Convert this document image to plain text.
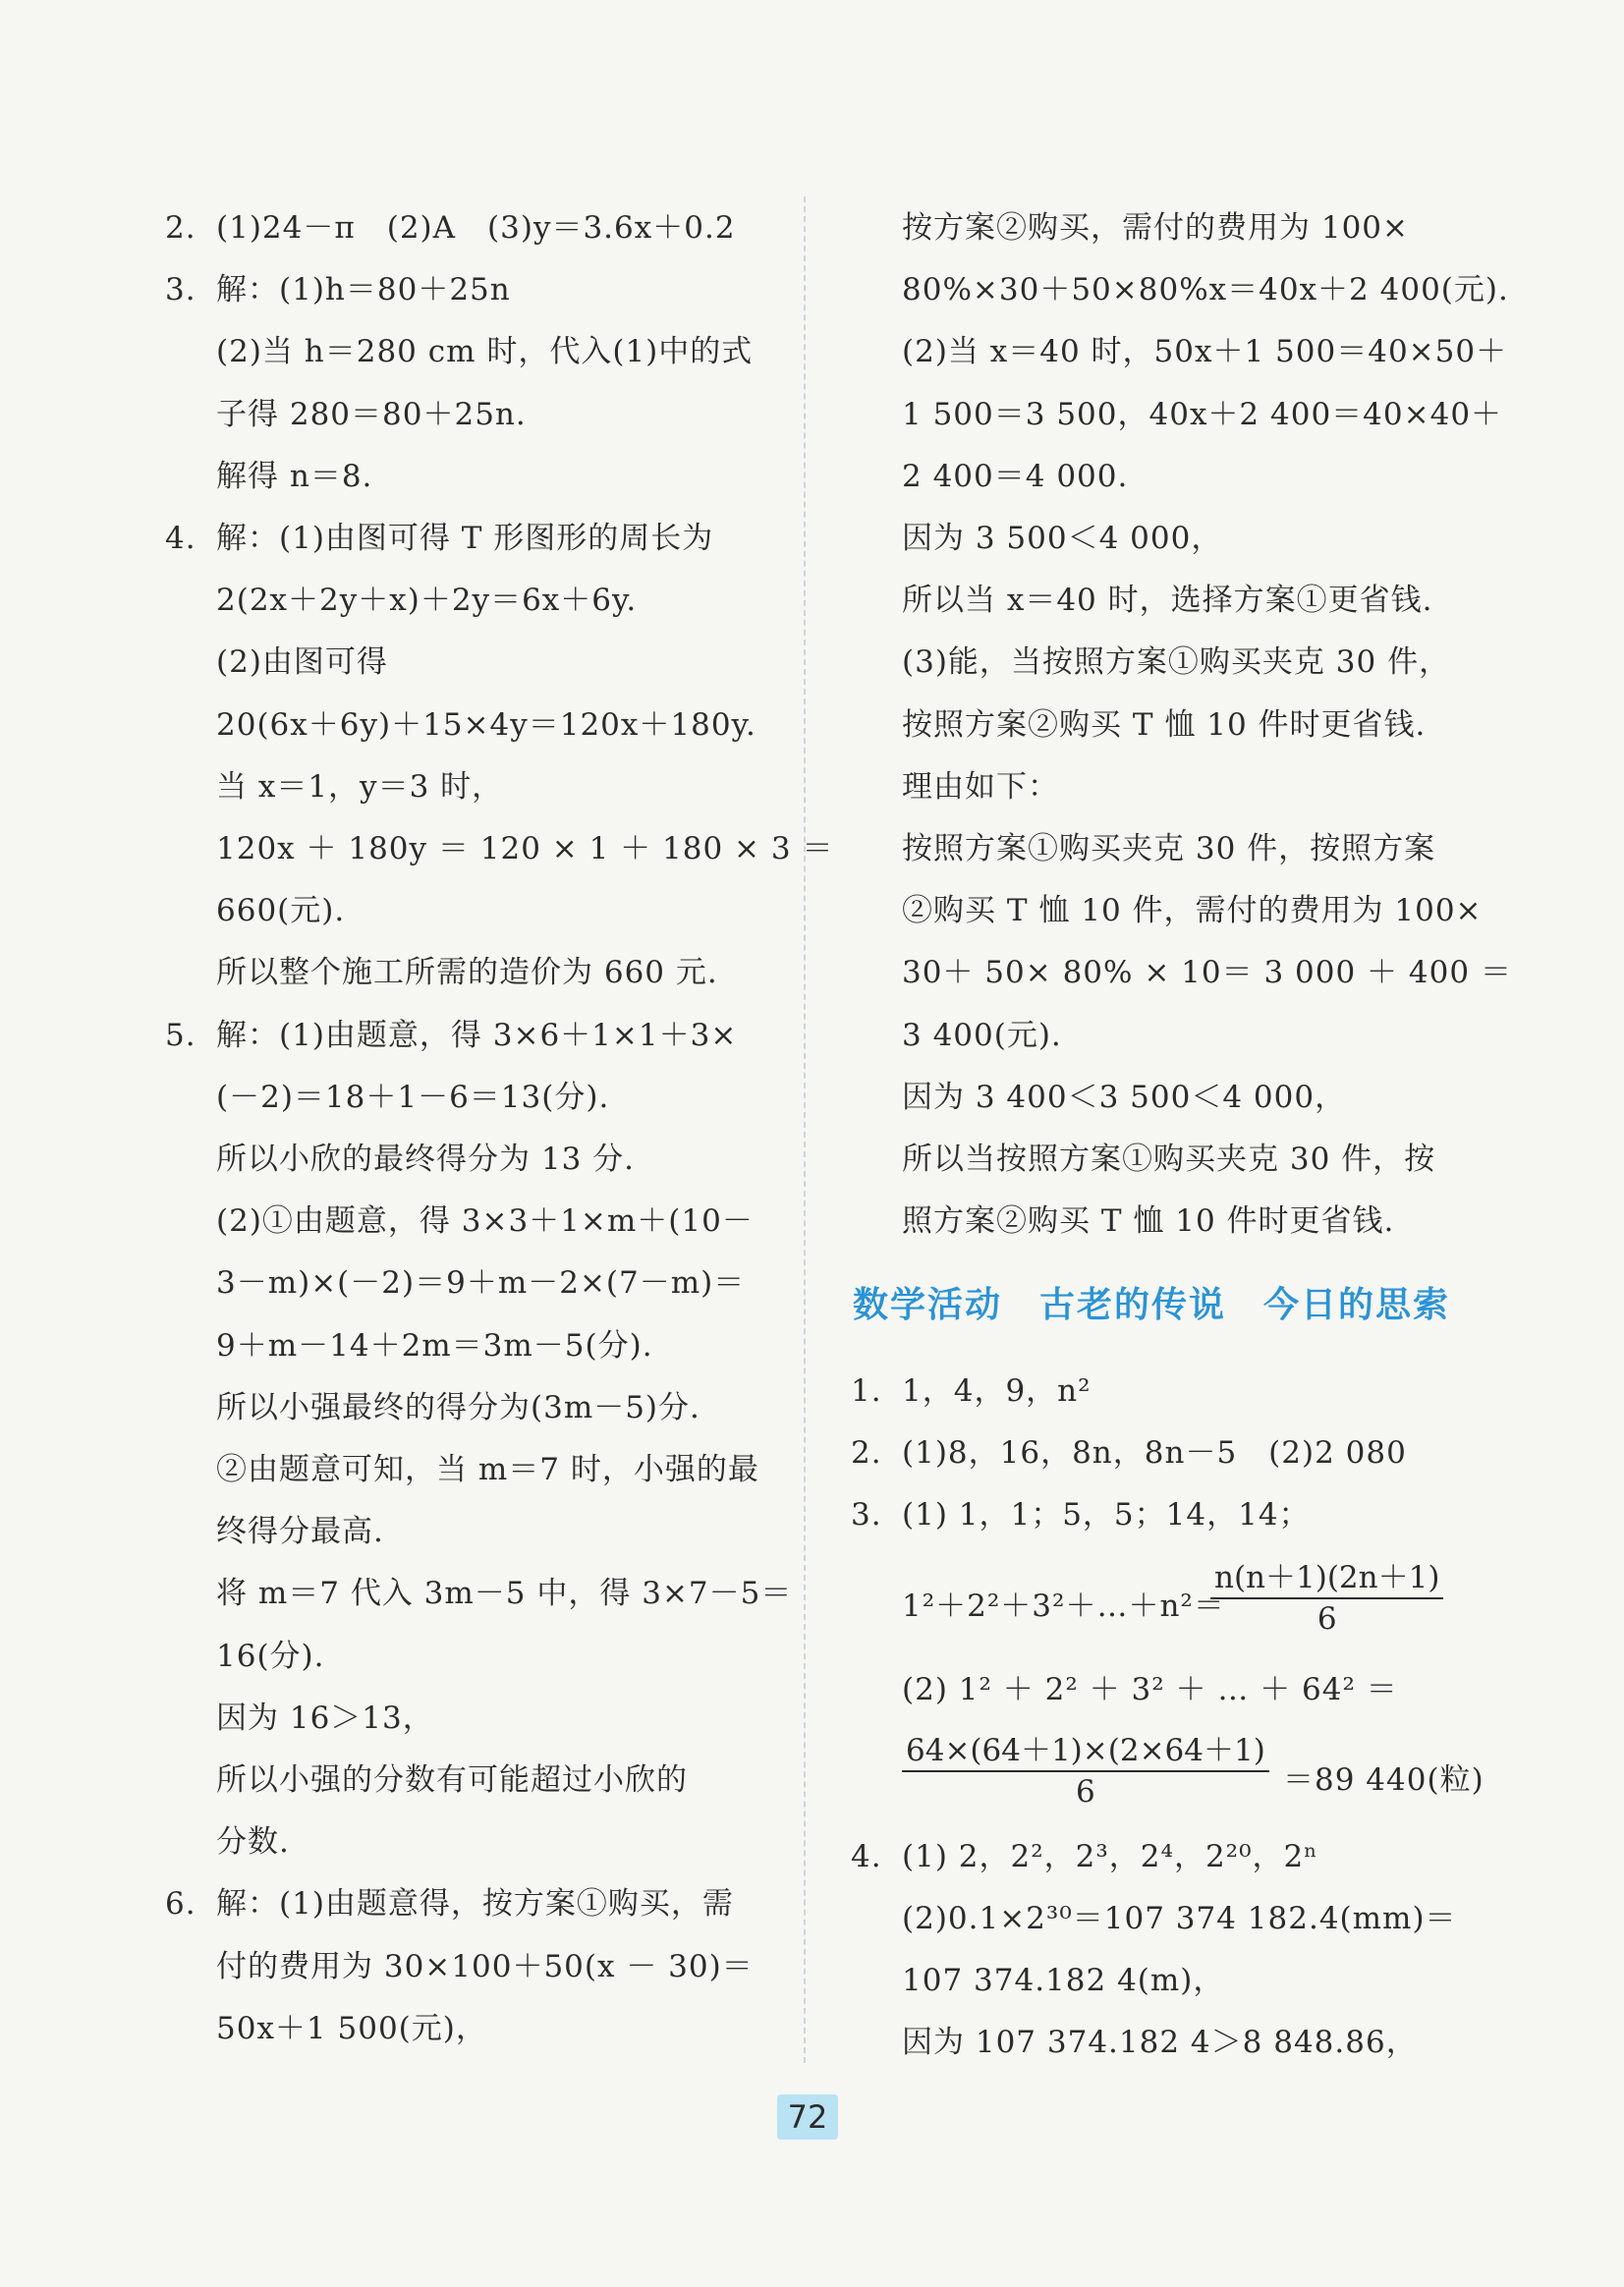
2. (1)24－π　(2)A　(3)y＝3.6x＋0.2
3. 解：(1)h＝80＋25n
(2)当 h＝280 cm 时，代入(1)中的式
子得 280＝80＋25n.
解得 n＝8.
4. 解：(1)由图可得 T 形图形的周长为
2(2x＋2y＋x)＋2y＝6x＋6y.
(2)由图可得
20(6x＋6y)＋15×4y＝120x＋180y.
当 x＝1，y＝3 时，
120x ＋ 180y ＝ 120 × 1 ＋ 180 × 3 ＝
660(元).
所以整个施工所需的造价为 660 元.
5. 解：(1)由题意，得 3×6＋1×1＋3×
(－2)＝18＋1－6＝13(分).
所以小欣的最终得分为 13 分.
(2)①由题意，得 3×3＋1×m＋(10－
3－m)×(－2)＝9＋m－2×(7－m)＝
9＋m－14＋2m＝3m－5(分).
所以小强最终的得分为(3m－5)分.
②由题意可知，当 m＝7 时，小强的最
终得分最高.
将 m＝7 代入 3m－5 中，得 3×7－5＝
16(分).
因为 16＞13，
所以小强的分数有可能超过小欣的
分数.
6. 解：(1)由题意得，按方案①购买，需
付的费用为 30×100＋50(x － 30)＝
50x＋1 500(元)，
按方案②购买，需付的费用为 100×
80%×30＋50×80%x＝40x＋2 400(元).
(2)当 x＝40 时，50x＋1 500＝40×50＋
1 500＝3 500，40x＋2 400＝40×40＋
2 400＝4 000.
因为 3 500＜4 000，
所以当 x＝40 时，选择方案①更省钱.
(3)能，当按照方案①购买夹克 30 件，
按照方案②购买 T 恤 10 件时更省钱.
理由如下：
按照方案①购买夹克 30 件，按照方案
②购买 T 恤 10 件，需付的费用为 100×
30＋ 50× 80% × 10＝ 3 000 ＋ 400 ＝
3 400(元).
因为 3 400＜3 500＜4 000，
所以当按照方案①购买夹克 30 件，按
照方案②购买 T 恤 10 件时更省钱.
数学活动 古老的传说 今日的思索
1. 1，4，9，n²
2. (1)8，16，8n，8n－5　(2)2 080
3. (1) 1，1；5，5；14，14；
1²＋2²＋3²＋…＋n²＝
$\frac{n(n+1)(2n+1)}{6}$
(2) 1² ＋ 2² ＋ 3² ＋ … ＋ 64² ＝
$\frac{64\times(64+1)\times(2\times 64+1)}{6} =89$ 440(粒)
4. (1) 2，2²，2³，2⁴，2²⁰，2ⁿ
(2)0.1×2³⁰＝107 374 182.4(mm)＝
107 374.182 4(m)，
因为 107 374.182 4＞8 848.86，
72
